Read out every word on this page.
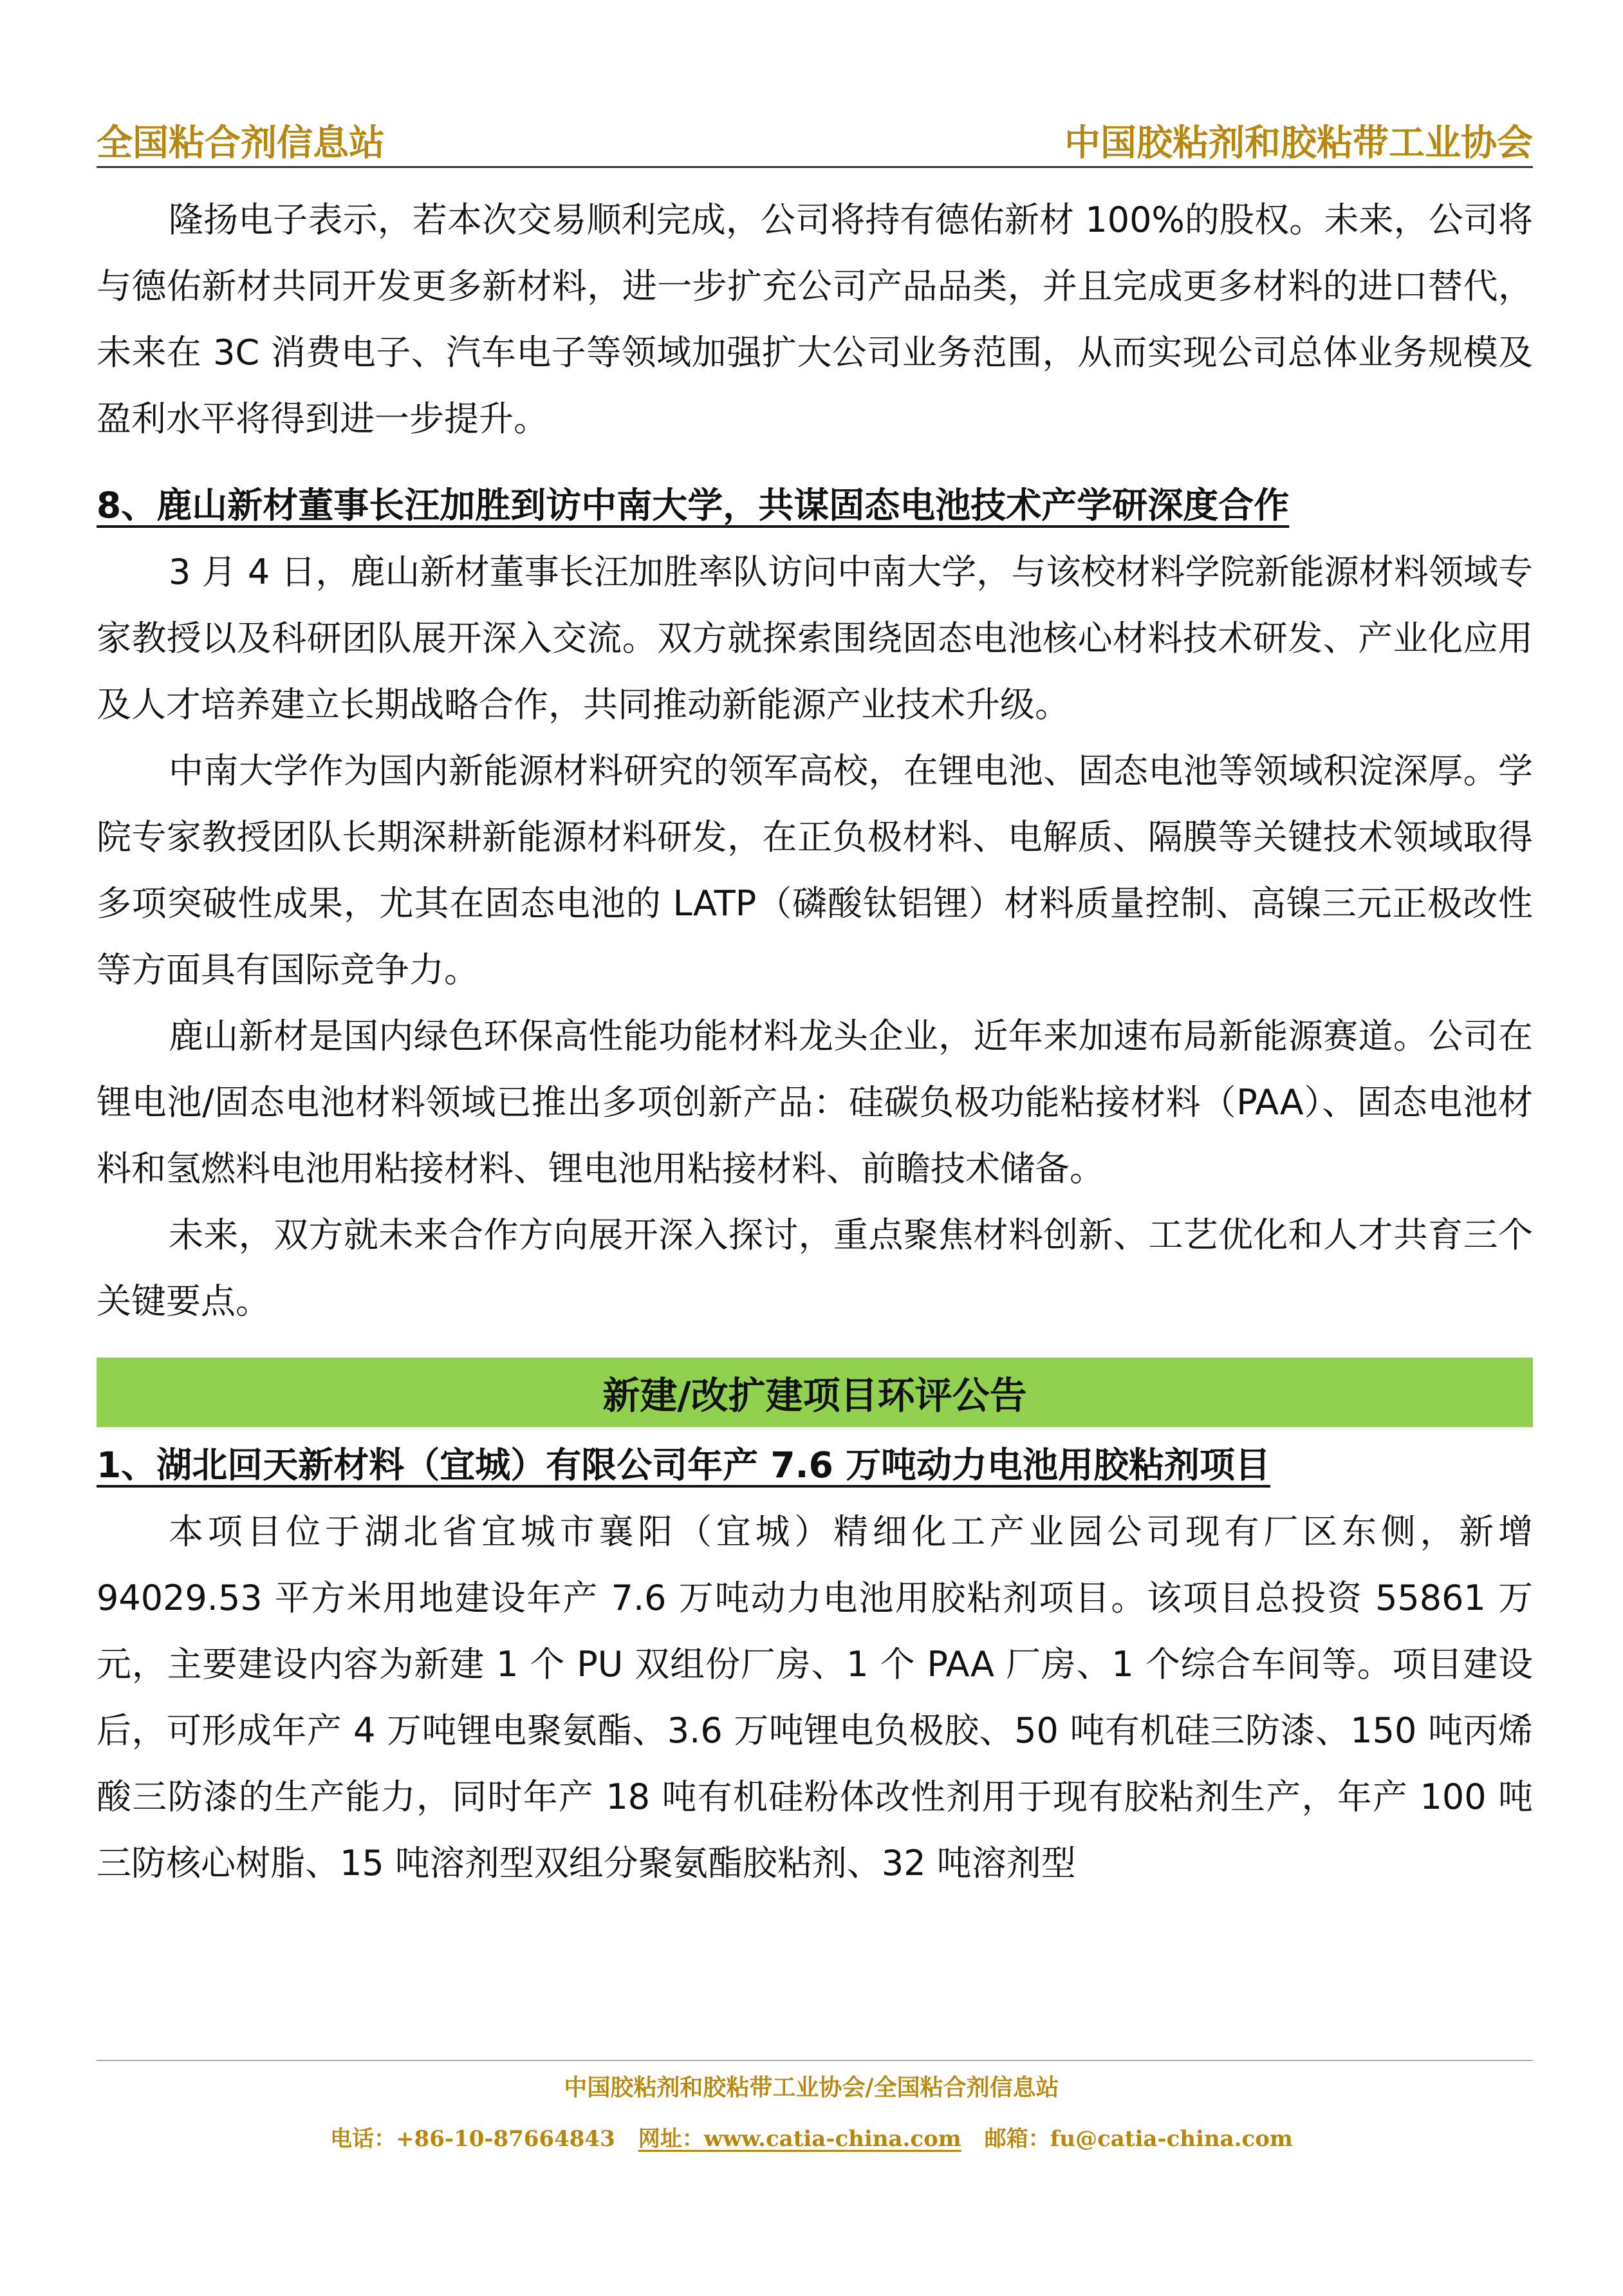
全国粘合剂信息站	中国胶粘剂和胶粘带工业协会

隆扬电子表示，若本次交易顺利完成，公司将持有德佑新材 100%的股权。未来，公司将与德佑新材共同开发更多新材料，进一步扩充公司产品品类，并且完成更多材料的进口替代，未来在 3C 消费电子、汽车电子等领域加强扩大公司业务范围，从而实现公司总体业务规模及盈利水平将得到进一步提升。

8、鹿山新材董事长汪加胜到访中南大学，共谋固态电池技术产学研深度合作

3 月 4 日，鹿山新材董事长汪加胜率队访问中南大学，与该校材料学院新能源材料领域专家教授以及科研团队展开深入交流。双方就探索围绕固态电池核心材料技术研发、产业化应用及人才培养建立长期战略合作，共同推动新能源产业技术升级。

中南大学作为国内新能源材料研究的领军高校，在锂电池、固态电池等领域积淀深厚。学院专家教授团队长期深耕新能源材料研发，在正负极材料、电解质、隔膜等关键技术领域取得多项突破性成果，尤其在固态电池的 LATP（磷酸钛铝锂）材料质量控制、高镍三元正极改性等方面具有国际竞争力。

鹿山新材是国内绿色环保高性能功能材料龙头企业，近年来加速布局新能源赛道。公司在锂电池/固态电池材料领域已推出多项创新产品：硅碳负极功能粘接材料（PAA）、固态电池材料和氢燃料电池用粘接材料、锂电池用粘接材料、前瞻技术储备。

未来，双方就未来合作方向展开深入探讨，重点聚焦材料创新、工艺优化和人才共育三个关键要点。

新建/改扩建项目环评公告
1、湖北回天新材料（宜城）有限公司年产 7.6 万吨动力电池用胶粘剂项目

本项目位于湖北省宜城市襄阳（宜城）精细化工产业园公司现有厂区东侧，新增 94029.53 平方米用地建设年产 7.6 万吨动力电池用胶粘剂项目。该项目总投资 55861 万元，主要建设内容为新建 1 个 PU 双组份厂房、1 个 PAA 厂房、1 个综合车间等。项目建设后，可形成年产 4 万吨锂电聚氨酯、3.6 万吨锂电负极胶、50 吨有机硅三防漆、150 吨丙烯酸三防漆的生产能力，同时年产 18 吨有机硅粉体改性剂用于现有胶粘剂生产，年产 100 吨三防核心树脂、15 吨溶剂型双组分聚氨酯胶粘剂、32 吨溶剂型

中国胶粘剂和胶粘带工业协会/全国粘合剂信息站
电话：+86-10-87664843 网址：www.catia-china.com 邮箱：fu@catia-china.com
